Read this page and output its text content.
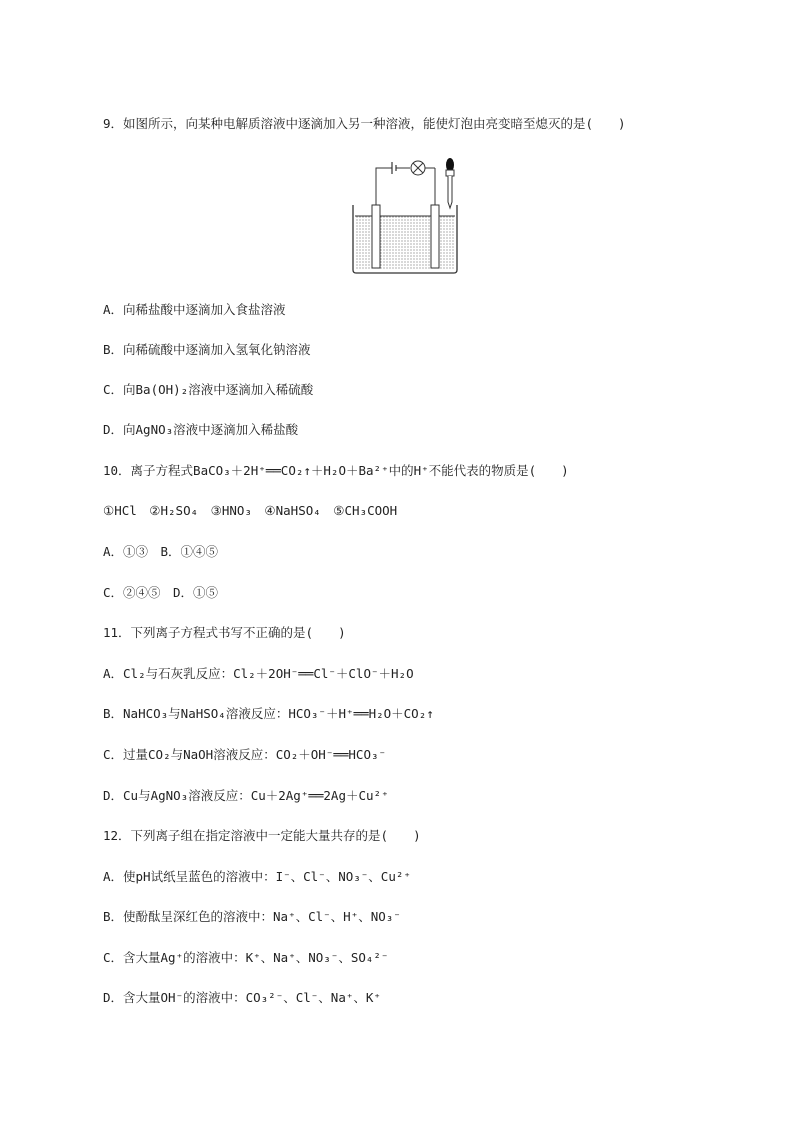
9．如图所示，向某种电解质溶液中逐滴加入另一种溶液，能使灯泡由亮变暗至熄灭的是(　　)
A．向稀盐酸中逐滴加入食盐溶液
B．向稀硫酸中逐滴加入氢氧化钠溶液
C．向Ba(OH)₂溶液中逐滴加入稀硫酸
D．向AgNO₃溶液中逐滴加入稀盐酸
10．离子方程式BaCO₃＋2H⁺══CO₂↑＋H₂O＋Ba²⁺中的H⁺不能代表的物质是(　　)
①HCl　②H₂SO₄　③HNO₃　④NaHSO₄　⑤CH₃COOH
A．①③　B．①④⑤
C．②④⑤　D．①⑤
11．下列离子方程式书写不正确的是(　　)
A．Cl₂与石灰乳反应：Cl₂＋2OH⁻══Cl⁻＋ClO⁻＋H₂O
B．NaHCO₃与NaHSO₄溶液反应：HCO₃⁻＋H⁺══H₂O＋CO₂↑
C．过量CO₂与NaOH溶液反应：CO₂＋OH⁻══HCO₃⁻
D．Cu与AgNO₃溶液反应：Cu＋2Ag⁺══2Ag＋Cu²⁺
12．下列离子组在指定溶液中一定能大量共存的是(　　)
A．使pH试纸呈蓝色的溶液中：I⁻、Cl⁻、NO₃⁻、Cu²⁺
B．使酚酞呈深红色的溶液中：Na⁺、Cl⁻、H⁺、NO₃⁻
C．含大量Ag⁺的溶液中：K⁺、Na⁺、NO₃⁻、SO₄²⁻
D．含大量OH⁻的溶液中：CO₃²⁻、Cl⁻、Na⁺、K⁺
